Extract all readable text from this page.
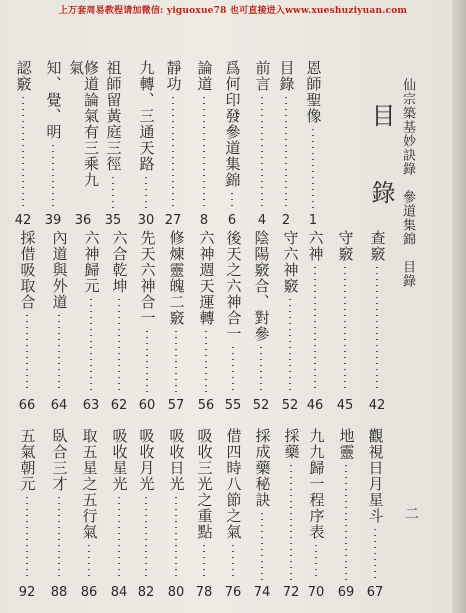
上万套周易教程请加微信: yiguoxue78 也可直接进入www.xueshuziyuan.com
仙宗築基妙訣錄　參道集錦　目錄
目
錄
二
恩師聖像
1
目錄
2
前言
4
爲何印發參道集錦
6
論道
8
靜功
27
九轉、三通天路
30
祖師留黃庭三徑
35
修道論氣有三乘九氣
36
知、覺、明
39
認竅
42
查竅
42
守竅
45
六神
46
守六神竅
52
陰陽竅合、對參
52
後天之六神合一
55
六神週天運轉
56
修煉靈魄二竅
57
先天六神合一
60
六合乾坤
62
六神歸元
63
內道與外道
64
採借吸取合
66
觀視日月星斗
67
地靈
69
九九歸一程序表
70
採藥
72
採成藥秘訣
74
借四時八節之氣
76
吸收三光之重點
78
吸收日光
80
吸收月光
82
吸收星光
84
取五星之五行氣
86
臥合三才
88
五氣朝元
92
